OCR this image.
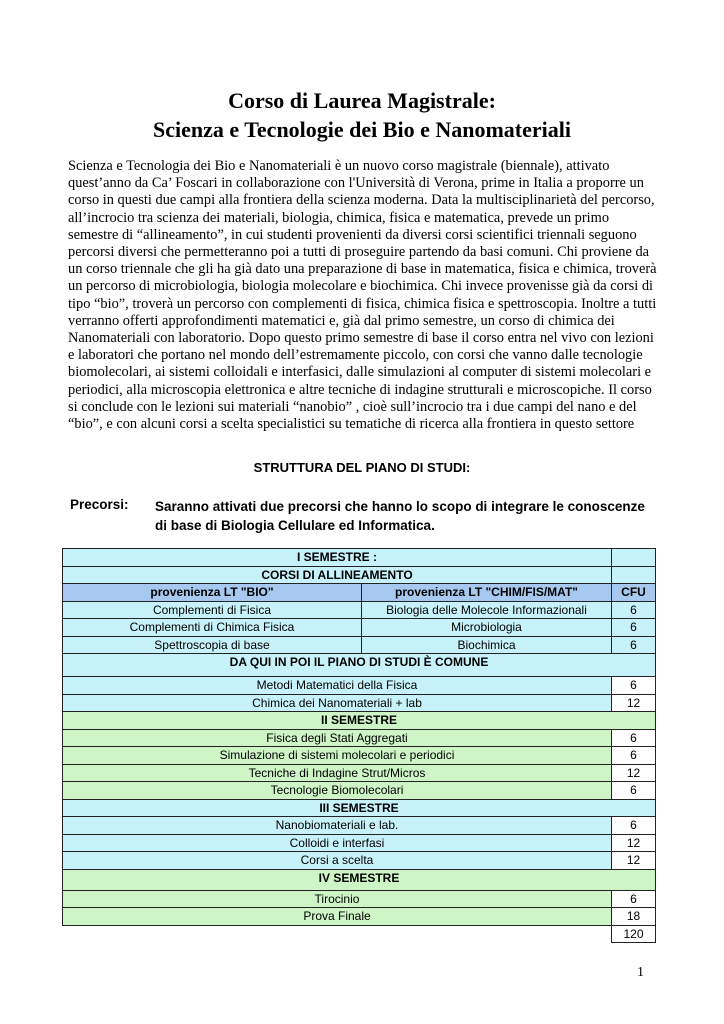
Corso di Laurea Magistrale:
Scienza e Tecnologie dei Bio e Nanomateriali

Scienza e Tecnologia dei Bio e Nanomateriali è un nuovo corso magistrale (biennale), attivato quest’anno da Ca’ Foscari in collaborazione con l'Università di Verona, prime in Italia a proporre un corso in questi due campi alla frontiera della scienza moderna. Data la multisciplinarietà del percorso, all’incrocio tra scienza dei materiali, biologia, chimica, fisica e matematica, prevede un primo semestre di “allineamento”, in cui studenti provenienti da diversi corsi scientifici triennali seguono percorsi diversi che permetteranno poi a tutti di proseguire partendo da basi comuni. Chi proviene da un corso triennale che gli ha già dato una preparazione di base in matematica, fisica e chimica, troverà un percorso di microbiologia, biologia molecolare e biochimica. Chi invece provenisse già da corsi di tipo “bio”, troverà un percorso con complementi di fisica, chimica fisica e spettroscopia. Inoltre a tutti verranno offerti approfondimenti matematici e, già dal primo semestre, un corso di chimica dei Nanomateriali con laboratorio. Dopo questo primo semestre di base il corso entra nel vivo con lezioni e laboratori che portano nel mondo dell’estremamente piccolo, con corsi che vanno dalle tecnologie biomolecolari, ai sistemi colloidali e interfasici, dalle simulazioni al computer di sistemi molecolari e periodici, alla microscopia elettronica e altre tecniche di indagine strutturali e microscopiche. Il corso si conclude con le lezioni sui materiali “nanobio” , cioè sull’incrocio tra i due campi del nano e del “bio”, e con alcuni corsi a scelta specialistici su tematiche di ricerca alla frontiera in questo settore

STRUTTURA DEL PIANO DI STUDI:
Precorsi: Saranno attivati due precorsi che hanno lo scopo di integrare le conoscenze di base di Biologia Cellulare ed Informatica.
I SEMESTRE :		
CORSI DI ALLINEAMENTO		
provenienza LT "BIO"	provenienza LT "CHIM/FIS/MAT"	CFU
Complementi di Fisica	Biologia delle Molecole Informazionali	6
Complementi di Chimica Fisica	Microbiologia	6
Spettroscopia di base	Biochimica	6
DA QUI IN POI IL PIANO DI STUDI È COMUNE		
Metodi Matematici della Fisica		6
Chimica dei Nanomateriali + lab		12
II SEMESTRE		
Fisica degli Stati Aggregati		6
Simulazione di sistemi molecolari e periodici		6
Tecniche di Indagine Strut/Micros		12
Tecnologie Biomolecolari		6
III SEMESTRE		
Nanobiomateriali e lab.		6
Colloidi e interfasi		12
Corsi a scelta		12
IV SEMESTRE		
Tirocinio		6
Prova Finale		18
		120
1
